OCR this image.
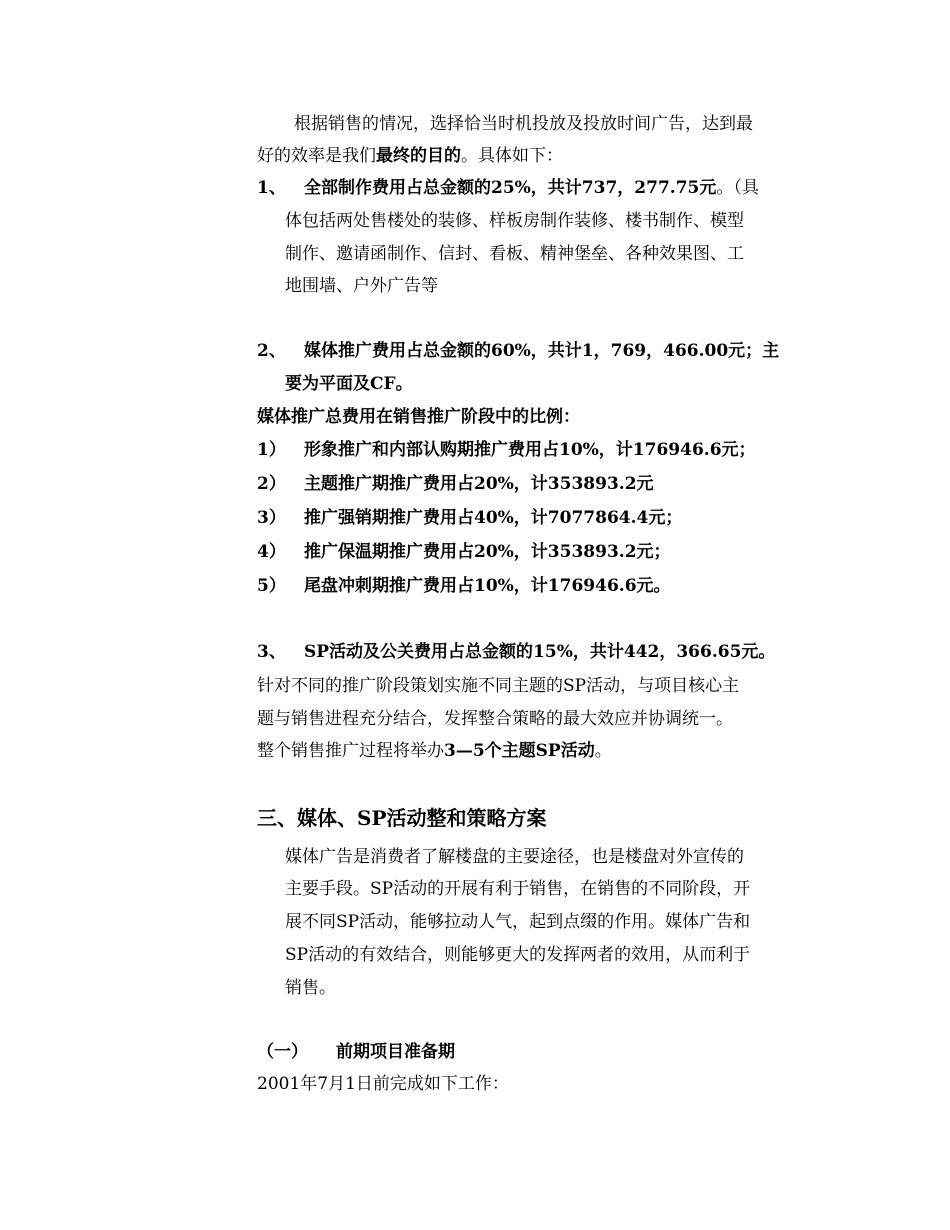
根据销售的情况，选择恰当时机投放及投放时间广告，达到最
好的效率是我们最终的目的。具体如下：
1、 全部制作费用占总金额的25%，共计737，277.75元。（具
体包括两处售楼处的装修、样板房制作装修、楼书制作、模型
制作、邀请函制作、信封、看板、精神堡垒、各种效果图、工
地围墙、户外广告等
2、 媒体推广费用占总金额的60%，共计1，769，466.00元；主
要为平面及CF。
媒体推广总费用在销售推广阶段中的比例：
1） 形象推广和内部认购期推广费用占10%，计176946.6元；
2） 主题推广期推广费用占20%，计353893.2元
3） 推广强销期推广费用占40%，计7077864.4元；
4） 推广保温期推广费用占20%，计353893.2元；
5） 尾盘冲刺期推广费用占10%，计176946.6元。
3、 SP活动及公关费用占总金额的15%，共计442，366.65元。
针对不同的推广阶段策划实施不同主题的SP活动，与项目核心主
题与销售进程充分结合，发挥整合策略的最大效应并协调统一。
整个销售推广过程将举办3—5个主题SP活动。
三、媒体、SP活动整和策略方案
媒体广告是消费者了解楼盘的主要途径，也是楼盘对外宣传的
主要手段。SP活动的开展有利于销售，在销售的不同阶段，开
展不同SP活动，能够拉动人气，起到点缀的作用。媒体广告和
SP活动的有效结合，则能够更大的发挥两者的效用，从而利于
销售。
（一） 前期项目准备期
2001年7月1日前完成如下工作：
